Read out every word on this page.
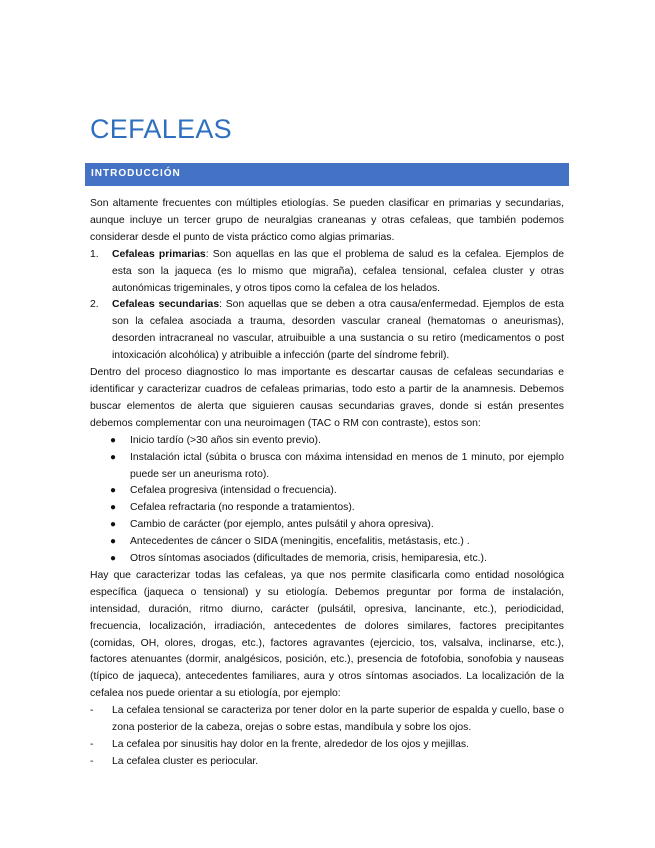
CEFALEAS
INTRODUCCIÓN

Son altamente frecuentes con múltiples etiologías. Se pueden clasificar en primarias y secundarias, aunque incluye un tercer grupo de neuralgias craneanas y otras cefaleas, que también podemos considerar desde el punto de vista práctico como algias primarias.

1. Cefaleas primarias: Son aquellas en las que el problema de salud es la cefalea. Ejemplos de esta son la jaqueca (es lo mismo que migraña), cefalea tensional, cefalea cluster y otras autonómicas trigeminales, y otros tipos como la cefalea de los helados.
2. Cefaleas secundarias: Son aquellas que se deben a otra causa/enfermedad. Ejemplos de esta son la cefalea asociada a trauma, desorden vascular craneal (hematomas o aneurismas), desorden intracraneal no vascular, atruibuible a una sustancia o su retiro (medicamentos o post intoxicación alcohólica) y atribuible a infección (parte del síndrome febril).

Dentro del proceso diagnostico lo mas importante es descartar causas de cefaleas secundarias e identificar y caracterizar cuadros de cefaleas primarias, todo esto a partir de la anamnesis. Debemos buscar elementos de alerta que siguieren causas secundarias graves, donde si están presentes debemos complementar con una neuroimagen (TAC o RM con contraste), estos son:

● Inicio tardío (>30 años sin evento previo).
● Instalación ictal (súbita o brusca con máxima intensidad en menos de 1 minuto, por ejemplo puede ser un aneurisma roto).
● Cefalea progresiva (intensidad o frecuencia).
● Cefalea refractaria (no responde a tratamientos).
● Cambio de carácter (por ejemplo, antes pulsátil y ahora opresiva).
● Antecedentes de cáncer o SIDA (meningitis, encefalitis, metástasis, etc.) .
● Otros síntomas asociados (dificultades de memoria, crisis, hemiparesia, etc.).

Hay que caracterizar todas las cefaleas, ya que nos permite clasificarla como entidad nosológica específica (jaqueca o tensional) y su etiología. Debemos preguntar por forma de instalación, intensidad, duración, ritmo diurno, carácter (pulsátil, opresiva, lancinante, etc.), periodicidad, frecuencia, localización, irradiación, antecedentes de dolores similares, factores precipitantes (comidas, OH, olores, drogas, etc.), factores agravantes (ejercicio, tos, valsalva, inclinarse, etc.), factores atenuantes (dormir, analgésicos, posición, etc.), presencia de fotofobia, sonofobia y nauseas (típico de jaqueca), antecedentes familiares, aura y otros síntomas asociados. La localización de la cefalea nos puede orientar a su etiología, por ejemplo:

- La cefalea tensional se caracteriza por tener dolor en la parte superior de espalda y cuello, base o zona posterior de la cabeza, orejas o sobre estas, mandíbula y sobre los ojos.
- La cefalea por sinusitis hay dolor en la frente, alrededor de los ojos y mejillas.
- La cefalea cluster es periocular.
